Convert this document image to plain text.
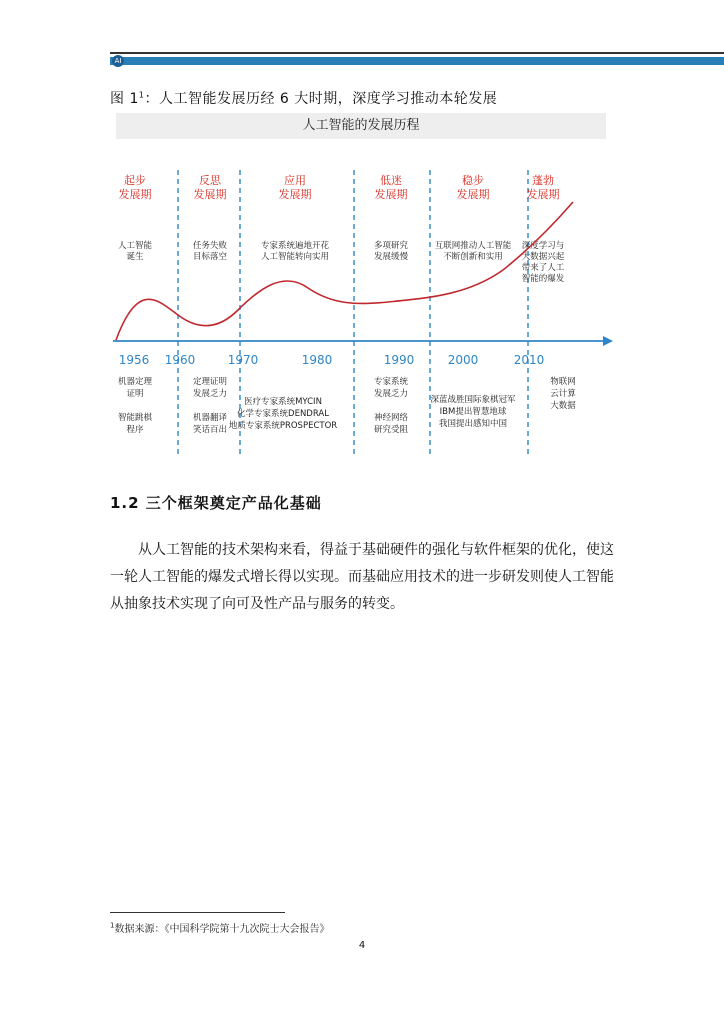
AI
图 $1^1$：人工智能发展历经 6 大时期，深度学习推动本轮发展
人工智能的发展历程
起步
发展期
反思
发展期
应用
发展期
低迷
发展期
稳步
发展期
蓬勃
发展期
人工智能
诞生
任务失败
目标落空
专家系统遍地开花
人工智能转向实用
多项研究
发展缓慢
互联网推动人工智能
不断创新和实用
深度学习与
大数据兴起
带来了人工
智能的爆发
1956 1960	1970	1980	1990	2000	2010
机器定理
证明
智能跳棋
程序
定理证明
发展乏力
机器翻译
笑话百出
医疗专家系统MYCIN
化学专家系统DENDRAL
地质专家系统PROSPECTOR
专家系统
发展乏力
神经网络
研究受阻
深蓝战胜国际象棋冠军
IBM提出智慧地球
我国提出感知中国
物联网
云计算
大数据
1.2 三个框架奠定产品化基础
从人工智能的技术架构来看，得益于基础硬件的强化与软件框架的优化，使这一轮人工智能的爆发式增长得以实现。而基础应用技术的进一步研发则使人工智能从抽象技术实现了向可及性产品与服务的转变。
$^1$数据来源：《中国科学院第十九次院士大会报告》
4
